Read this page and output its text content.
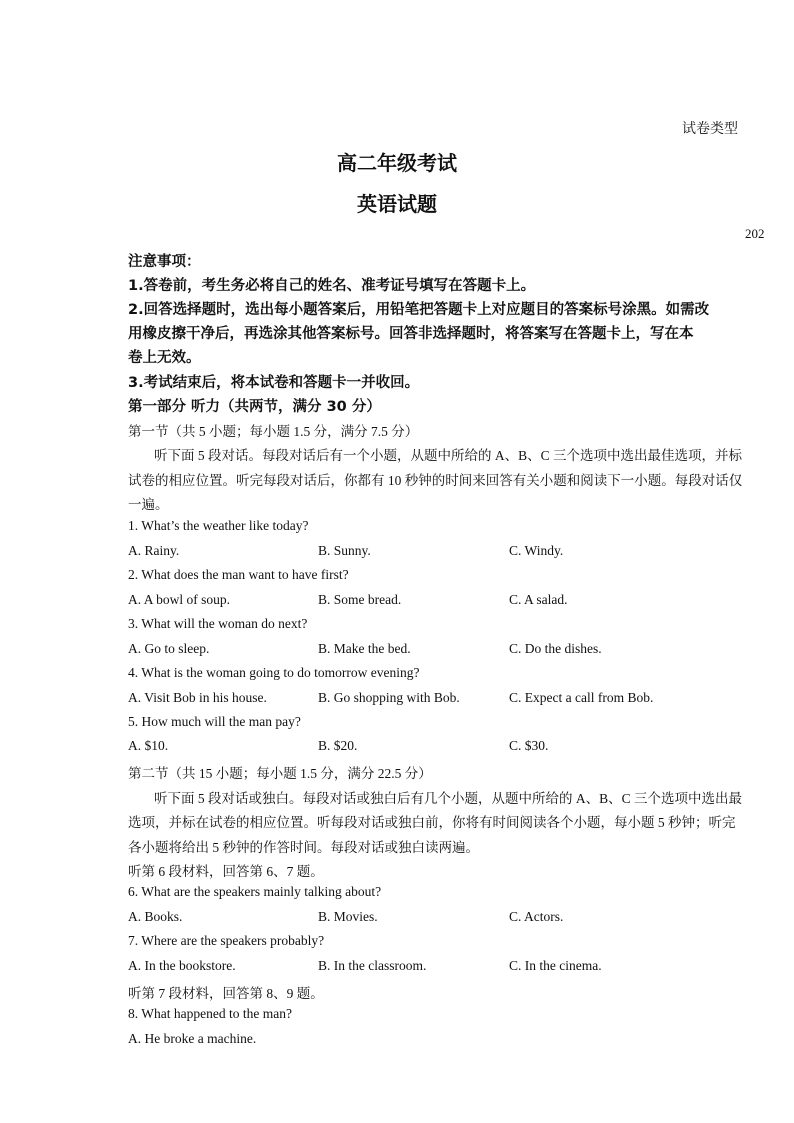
试卷类型
高二年级考试
英语试题
202
注意事项：
1.答卷前，考生务必将自己的姓名、准考证号填写在答题卡上。
2.回答选择题时，选出每小题答案后，用铅笔把答题卡上对应题目的答案标号涂黑。如需改
用橡皮擦干净后，再选涂其他答案标号。回答非选择题时，将答案写在答题卡上，写在本
卷上无效。
3.考试结束后，将本试卷和答题卡一并收回。
第一部分 听力（共两节，满分 30 分）
第一节（共 5 小题；每小题 1.5 分，满分 7.5 分）
听下面 5 段对话。每段对话后有一个小题，从题中所给的 A、B、C 三个选项中选出最佳选项，并标
试卷的相应位置。听完每段对话后，你都有 10 秒钟的时间来回答有关小题和阅读下一小题。每段对话仅
一遍。
1. What’s the weather like today?
A. Rainy.	B. Sunny.	C. Windy.
2. What does the man want to have first?
A. A bowl of soup.	B. Some bread.	C. A salad.
3. What will the woman do next?
A. Go to sleep.	B. Make the bed.	C. Do the dishes.
4. What is the woman going to do tomorrow evening?
A. Visit Bob in his house.	B. Go shopping with Bob.	C. Expect a call from Bob.
5. How much will the man pay?
A. $10.	B. $20.	C. $30.
第二节（共 15 小题；每小题 1.5 分，满分 22.5 分）
听下面 5 段对话或独白。每段对话或独白后有几个小题，从题中所给的 A、B、C 三个选项中选出最
选项，并标在试卷的相应位置。听每段对话或独白前，你将有时间阅读各个小题，每小题 5 秒钟；听完
各小题将给出 5 秒钟的作答时间。每段对话或独白读两遍。
听第 6 段材料，回答第 6、7 题。
6. What are the speakers mainly talking about?
A. Books.	B. Movies.	C. Actors.
7. Where are the speakers probably?
A. In the bookstore.	B. In the classroom.	C. In the cinema.
听第 7 段材料，回答第 8、9 题。
8. What happened to the man?
A. He broke a machine.
